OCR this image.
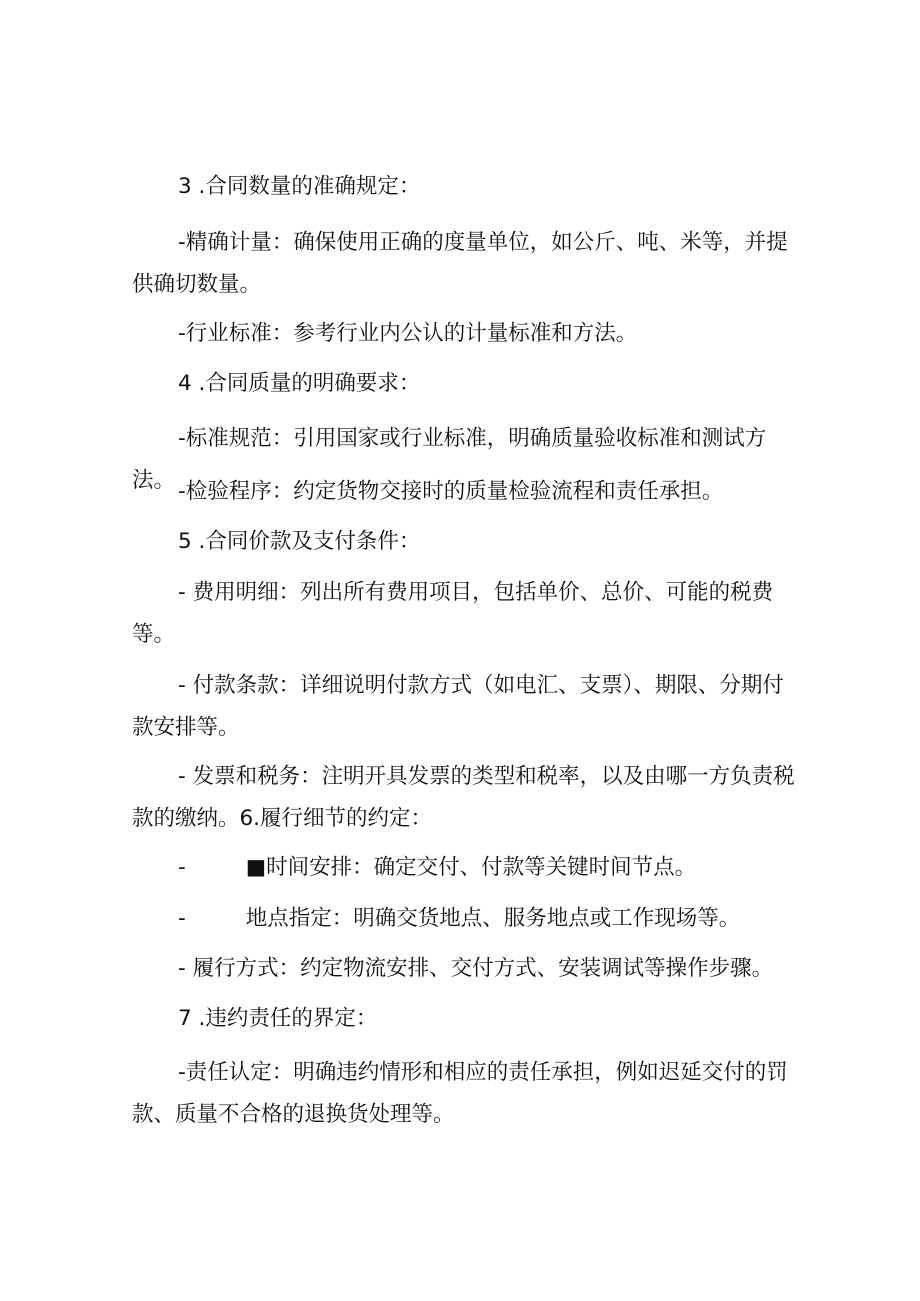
3 .合同数量的准确规定：

-精确计量：确保使用正确的度量单位，如公斤、吨、米等，并提供确切数量。

-行业标准：参考行业内公认的计量标准和方法。

4 .合同质量的明确要求：

-标准规范：引用国家或行业标准，明确质量验收标准和测试方法。 -检验程序：约定货物交接时的质量检验流程和责任承担。

5 .合同价款及支付条件：

- 费用明细：列出所有费用项目，包括单价、总价、可能的税费等。

- 付款条款：详细说明付款方式（如电汇、支票）、期限、分期付款安排等。

- 发票和税务：注明开具发票的类型和税率，以及由哪一方负责税款的缴纳。6.履行细节的约定：

-	■时间安排：确定交付、付款等关键时间节点。

-	地点指定：明确交货地点、服务地点或工作现场等。

- 履行方式：约定物流安排、交付方式、安装调试等操作步骤。

7 .违约责任的界定：

-责任认定：明确违约情形和相应的责任承担，例如迟延交付的罚款、质量不合格的退换货处理等。
